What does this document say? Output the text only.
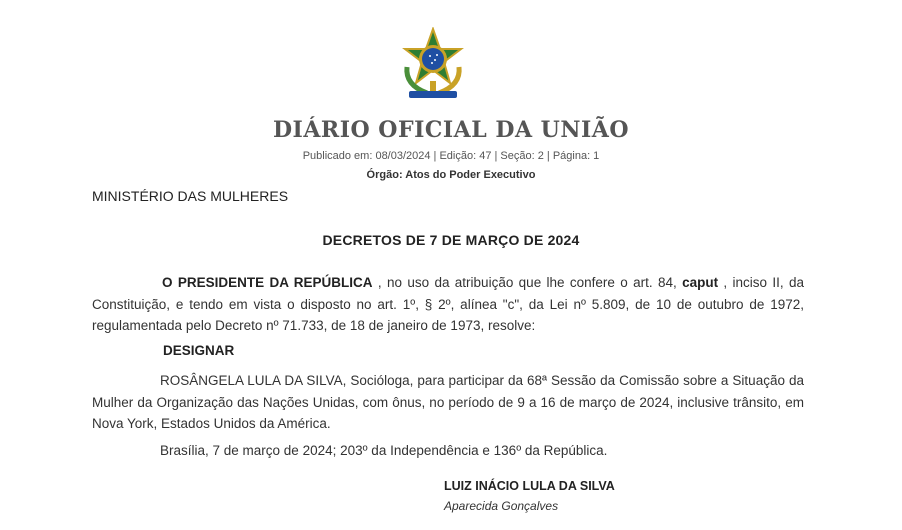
DIÁRIO OFICIAL DA UNIÃO
Publicado em: 08/03/2024 | Edição: 47 | Seção: 2 | Página: 1
Órgão: Atos do Poder Executivo
MINISTÉRIO DAS MULHERES
DECRETOS DE 7 DE MARÇO DE 2024
O PRESIDENTE DA REPÚBLICA , no uso da atribuição que lhe confere o art. 84, caput , inciso II, da Constituição, e tendo em vista o disposto no art. 1º, § 2º, alínea "c", da Lei nº 5.809, de 10 de outubro de 1972, regulamentada pelo Decreto nº 71.733, de 18 de janeiro de 1973, resolve:
DESIGNAR
ROSÂNGELA LULA DA SILVA, Socióloga, para participar da 68ª Sessão da Comissão sobre a Situação da Mulher da Organização das Nações Unidas, com ônus, no período de 9 a 16 de março de 2024, inclusive trânsito, em Nova York, Estados Unidos da América.
Brasília, 7 de março de 2024; 203º da Independência e 136º da República.
LUIZ INÁCIO LULA DA SILVA
Aparecida Gonçalves
